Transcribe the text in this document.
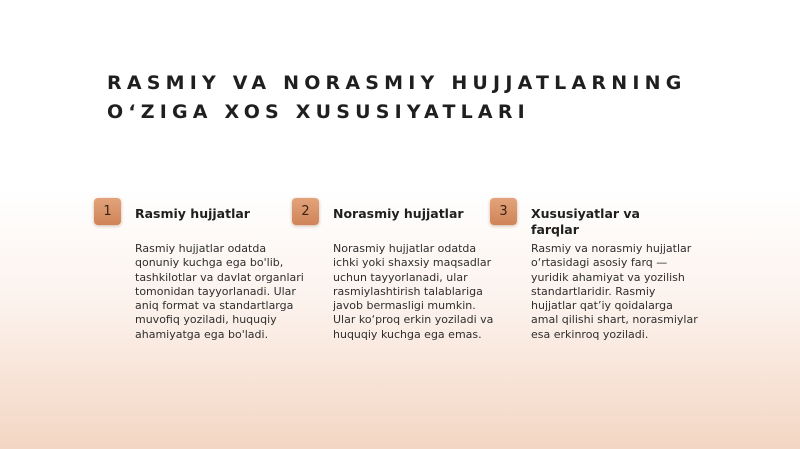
RASMIY VA NORASMIY HUJJATLARNING
O‘ZIGA XOS XUSUSIYATLARI
1	Rasmiy hujjatlar

Rasmiy hujjatlar odatda
qonuniy kuchga ega bo'lib,
tashkilotlar va davlat organlari
tomonidan tayyorlanadi. Ular
aniq format va standartlarga
muvofiq yoziladi, huquqiy
ahamiyatga ega bo'ladi.

2	Norasmiy hujjatlar

Norasmiy hujjatlar odatda
ichki yoki shaxsiy maqsadlar
uchun tayyorlanadi, ular
rasmiylashtirish talablariga
javob bermasligi mumkin.
Ular ko‘proq erkin yoziladi va
huquqiy kuchga ega emas.

3	Xususiyatlar va
farqlar

Rasmiy va norasmiy hujjatlar
o‘rtasidagi asosiy farq —
yuridik ahamiyat va yozilish
standartlaridir. Rasmiy
hujjatlar qat’iy qoidalarga
amal qilishi shart, norasmiylar
esa erkinroq yoziladi.
